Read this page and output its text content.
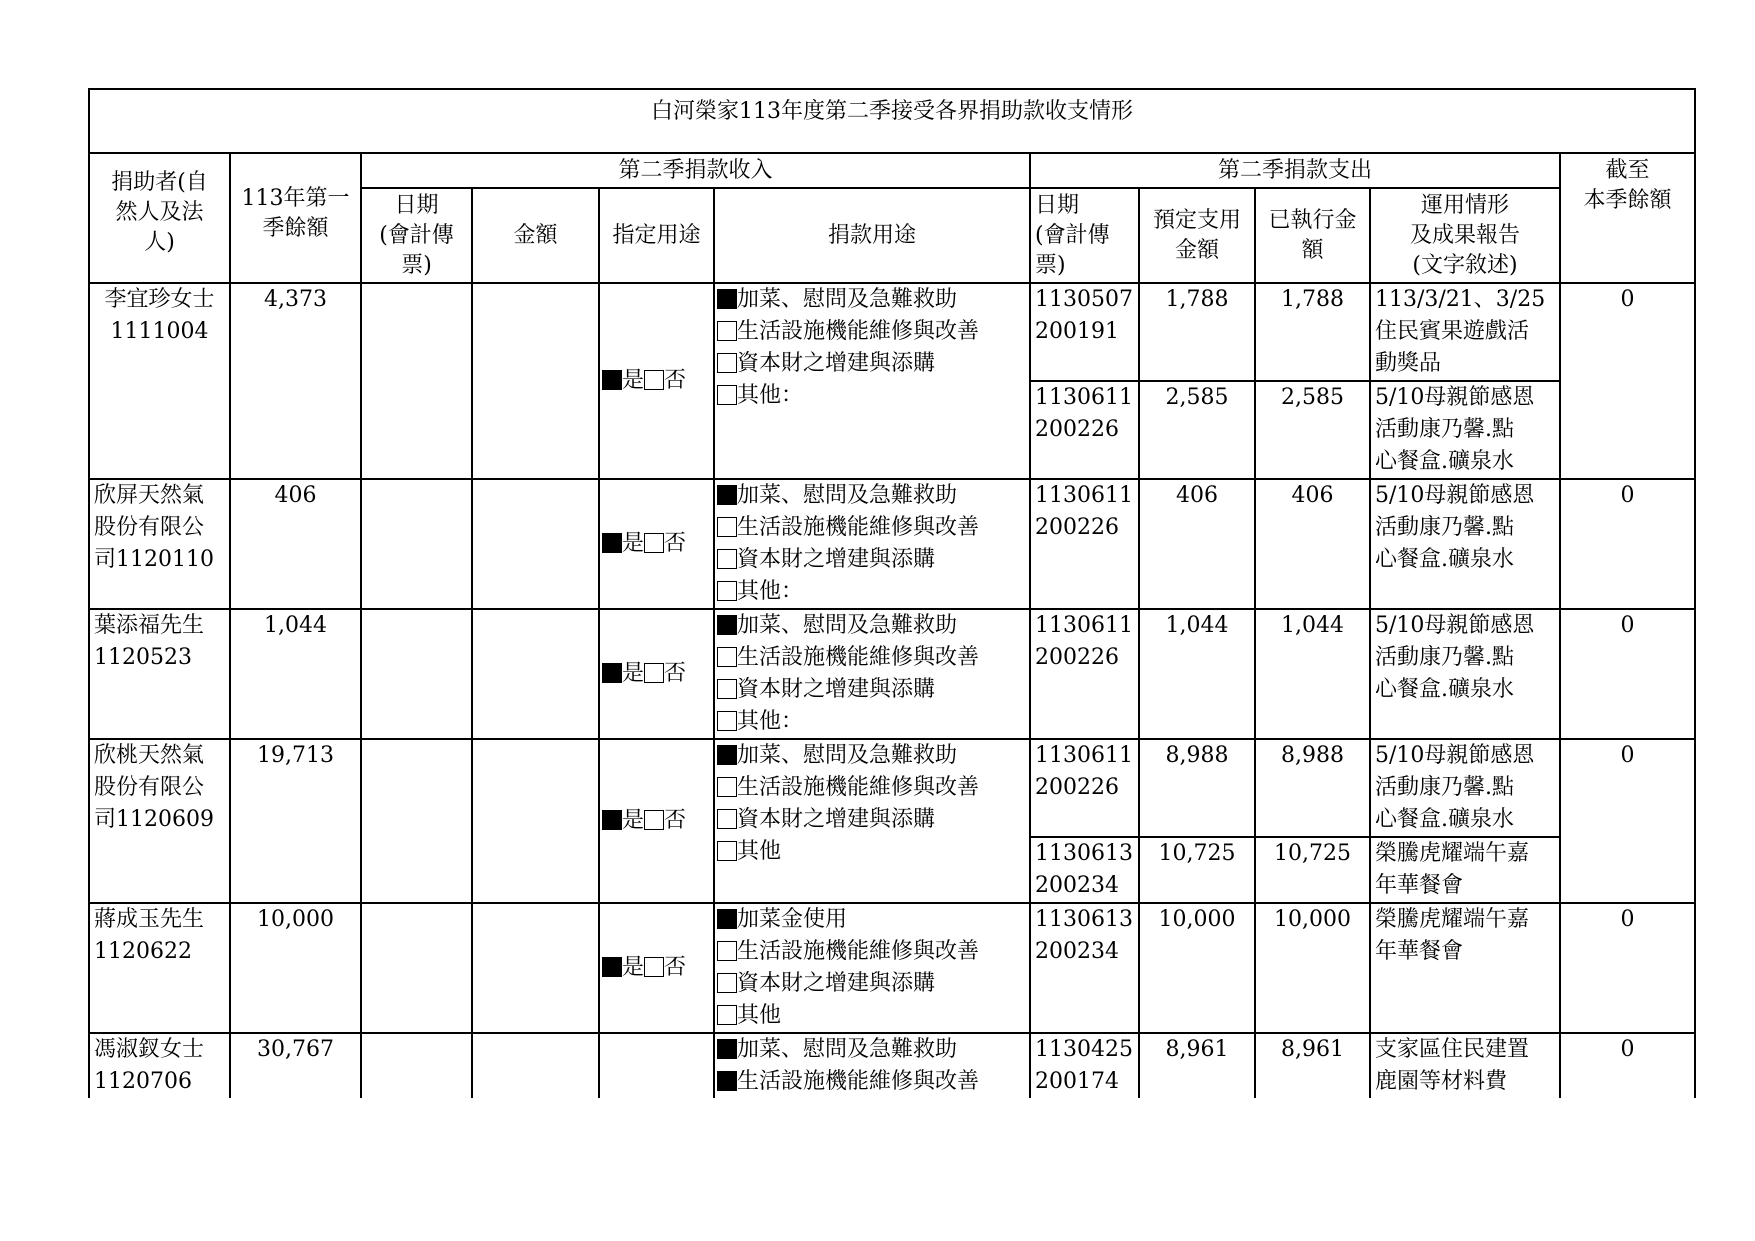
白河榮家113年度第二季接受各界捐助款收支情形										

捐助者(自
然人及法
人)	113年第一
季餘額	第二季捐款收入				第二季捐款支出				截至
本季餘額

		日期
(會計傳
票)	金額	指定用途	捐款用途	日期
(會計傳
票)	預定支用
金額	已執行金
額	運用情形
及成果報告
(文字敘述)	

李宜珍女士
1111004	4,373			是 否	加菜、慰問及急難救助
生活設施機能維修與改善
資本財之增建與添購
其他：	1130507
200191	1,788	1,788	113/3/21、3/25
住民賓果遊戲活
動獎品	0

						1130611
200226	2,585	2,585	5/10母親節感恩
活動康乃馨.點
心餐盒.礦泉水	

欣屏天然氣
股份有限公
司1120110	406			是 否	加菜、慰問及急難救助
生活設施機能維修與改善
資本財之增建與添購
其他：	1130611
200226	406	406	5/10母親節感恩
活動康乃馨.點
心餐盒.礦泉水	0

葉添福先生
1120523	1,044			是 否	加菜、慰問及急難救助
生活設施機能維修與改善
資本財之增建與添購
其他：	1130611
200226	1,044	1,044	5/10母親節感恩
活動康乃馨.點
心餐盒.礦泉水	0

欣桃天然氣
股份有限公
司1120609	19,713			是 否	加菜、慰問及急難救助
生活設施機能維修與改善
資本財之增建與添購
其他	1130611
200226	8,988	8,988	5/10母親節感恩
活動康乃馨.點
心餐盒.礦泉水	0

						1130613
200234	10,725	10,725	榮騰虎耀端午嘉
年華餐會	

蔣成玉先生
1120622	10,000			是 否	加菜金使用
生活設施機能維修與改善
資本財之增建與添購
其他	1130613
200234	10,000	10,000	榮騰虎耀端午嘉
年華餐會	0

馮淑釵女士
1120706	30,767				加菜、慰問及急難救助
生活設施機能維修與改善	1130425
200174	8,961	8,961	支家區住民建置
鹿園等材料費	0
